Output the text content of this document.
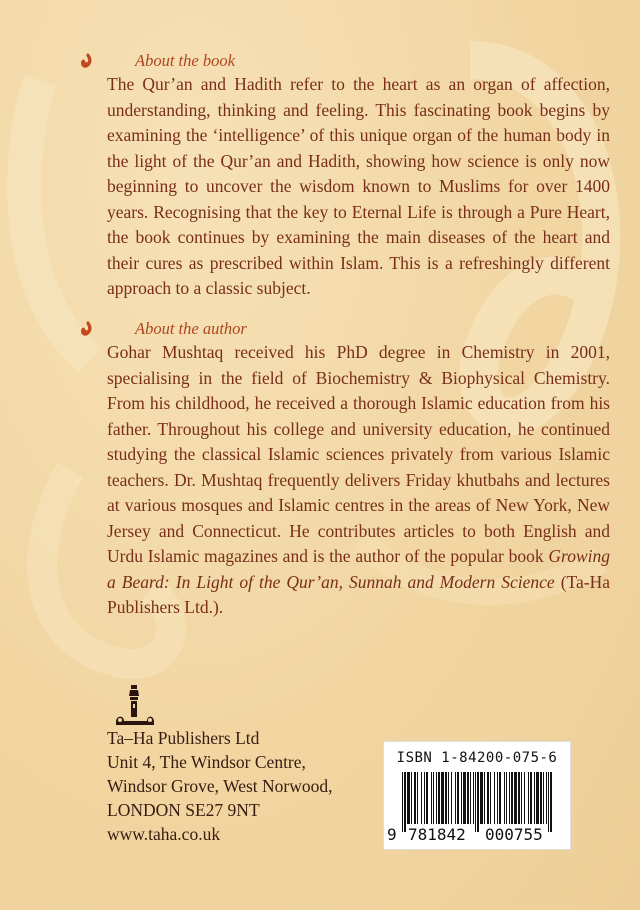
About the book

The Qur’an and Hadith refer to the heart as an organ of affection, understanding, thinking and feeling. This fascinating book begins by examining the ‘intelligence’ of this unique organ of the human body in the light of the Qur’an and Hadith, showing how science is only now beginning to uncover the wisdom known to Muslims for over 1400 years. Recognising that the key to Eternal Life is through a Pure Heart, the book continues by examining the main diseases of the heart and their cures as prescribed within Islam. This is a refreshingly different approach to a classic subject.

About the author

Gohar Mushtaq received his PhD degree in Chemistry in 2001, specialising in the field of Biochemistry & Biophysical Chemistry. From his childhood, he received a thorough Islamic education from his father. Throughout his college and university education, he continued studying the classical Islamic sciences privately from various Islamic teachers. Dr. Mushtaq frequently delivers Friday khutbahs and lectures at various mosques and Islamic centres in the areas of New York, New Jersey and Connecticut. He contributes articles to both English and Urdu Islamic magazines and is the author of the popular book Growing a Beard: In Light of the Qur’an, Sunnah and Modern Science (Ta-Ha Publishers Ltd.).

Ta–Ha Publishers Ltd
Unit 4, The Windsor Centre,
Windsor Grove, West Norwood,
LONDON SE27 9NT
www.taha.co.uk
ISBN 1-84200-075-6
9 781842 000755
